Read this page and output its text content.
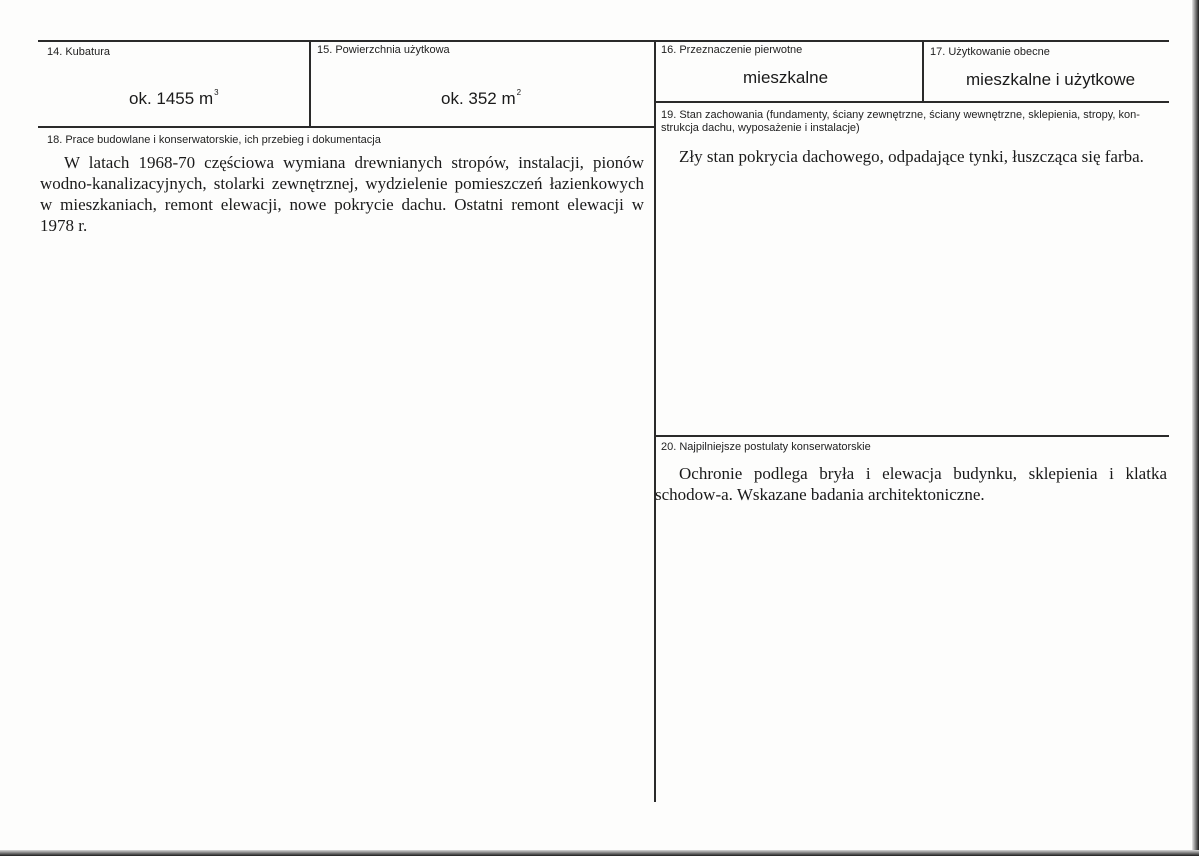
14. Kubatura
ok. 1455 $m^3$
15. Powierzchnia użytkowa
ok. 352 $m^2$
16. Przeznaczenie pierwotne
mieszkalne
17. Użytkowanie obecne
mieszkalne i użytkowe
18. Prace budowlane i konserwatorskie, ich przebieg i dokumentacja

W latach 1968-70 częściowa wymiana drewnianych stropów, instalacji, pionów wodno-kanalizacyjnych, stolarki zewnętrznej, wydzielenie pomieszczeń łazienkowych w mieszkaniach, remont elewacji, nowe pokrycie dachu. Ostatni remont elewacji w 1978 r.

19. Stan zachowania (fundamenty, ściany zewnętrzne, ściany wewnętrzne, sklepienia, stropy, kon-
strukcja dachu, wyposażenie i instalacje)

Zły stan pokrycia dachowego, odpadające tynki, łuszcząca się farba.

20. Najpilniejsze postulaty konserwatorskie

Ochronie podlega bryła i elewacja budynku, sklepienia i klatka schodow-a. Wskazane badania architektoniczne.
